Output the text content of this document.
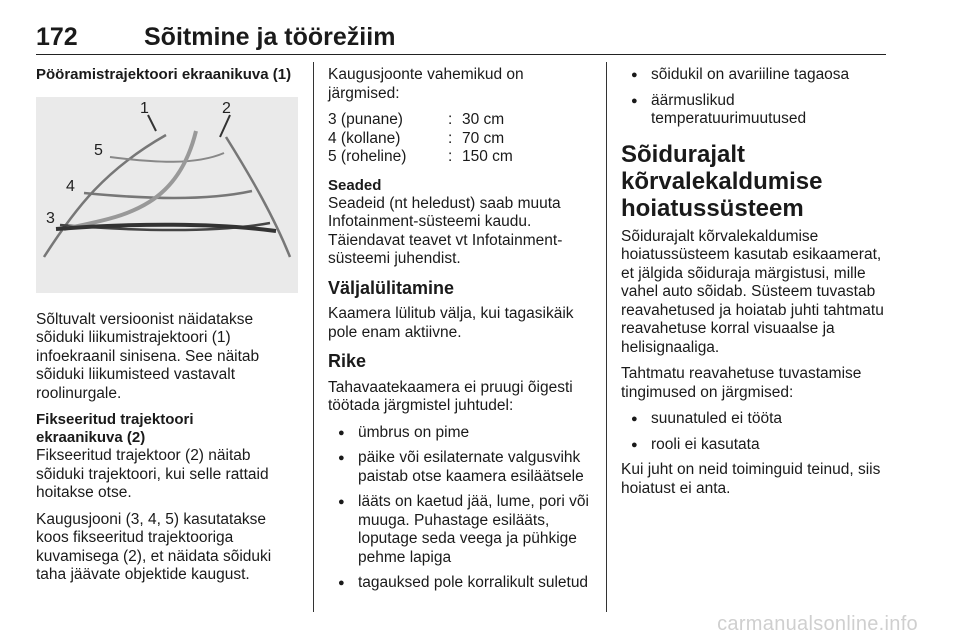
172	Sõitmine ja töörežiim
Pööramistrajektoori ekraanikuva (1)
1	2
3
4
5

Sõltuvalt versioonist näidatakse sõiduki liikumistrajektoori (1) infoekraanil sinisena. See näitab sõiduki liikumisteed vastavalt roolinurgale.

Fikseeritud trajektoori
ekraanikuva (2)

Fikseeritud trajektoor (2) näitab sõiduki trajektoori, kui selle rattaid hoitakse otse.

Kaugusjooni (3, 4, 5) kasutatakse koos fikseeritud trajektooriga kuvamisega (2), et näidata sõiduki taha jäävate objektide kaugust.

Kaugusjoonte vahemikud on järgmised:

3 (punane)	:	30 cm
4 (kollane)	:	70 cm
5 (roheline)	:	150 cm
Seaded

Seadeid (nt heledust) saab muuta Infotainment-süsteemi kaudu. Täiendavat teavet vt Infotainment-süsteemi juhendist.

Väljalülitamine

Kaamera lülitub välja, kui tagasikäik pole enam aktiivne.

Rike

Tahavaatekaamera ei pruugi õigesti töötada järgmistel juhtudel:

● ümbrus on pime
● päike või esilaternate valgusvihk paistab otse kaamera esiläätsele
● lääts on kaetud jää, lume, pori või muuga. Puhastage esilääts, loputage seda veega ja pühkige pehme lapiga
● tagauksed pole korralikult suletud
● sõidukil on avariiline tagaosa
● äärmuslikud temperatuurimuutused
Sõidurajalt
kõrvalekaldumise
hoiatussüsteem

Sõidurajalt kõrvalekaldumise hoiatussüsteem kasutab esikaamerat, et jälgida sõiduraja märgistusi, mille vahel auto sõidab. Süsteem tuvastab reavahetused ja hoiatab juhti tahtmatu reavahetuse korral visuaalse ja helisignaaliga.

Tahtmatu reavahetuse tuvastamise tingimused on järgmised:

● suunatuled ei tööta
● rooli ei kasutata

Kui juht on neid toiminguid teinud, siis hoiatust ei anta.

carmanualsonline.info
